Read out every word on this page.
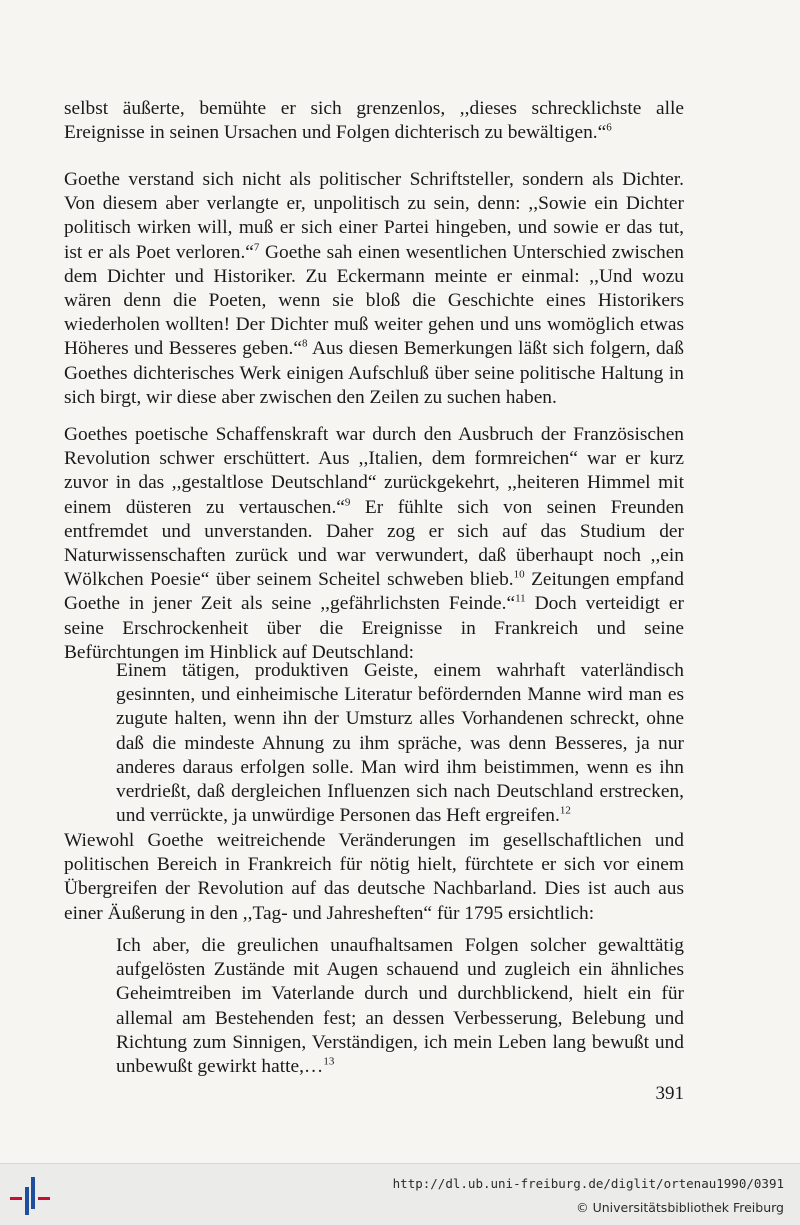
selbst äußerte, bemühte er sich grenzenlos, ,,dieses schrecklichste alle Ereignisse in seinen Ursachen und Folgen dichterisch zu bewältigen.“$^6$
Goethe verstand sich nicht als politischer Schriftsteller, sondern als Dichter. Von diesem aber verlangte er, unpolitisch zu sein, denn: ,,Sowie ein Dichter politisch wirken will, muß er sich einer Partei hingeben, und sowie er das tut, ist er als Poet verloren.“$^7$ Goethe sah einen wesentlichen Unterschied zwischen dem Dichter und Historiker. Zu Eckermann meinte er einmal: ,,Und wozu wären denn die Poeten, wenn sie bloß die Geschichte eines Historikers wiederholen wollten! Der Dichter muß weiter gehen und uns womöglich etwas Höheres und Besseres geben.“$^8$ Aus diesen Bemerkungen läßt sich folgern, daß Goethes dichterisches Werk einigen Aufschluß über seine politische Haltung in sich birgt, wir diese aber zwischen den Zeilen zu suchen haben.
Goethes poetische Schaffenskraft war durch den Ausbruch der Französischen Revolution schwer erschüttert. Aus ,,Italien, dem formreichen“ war er kurz zuvor in das ,,gestaltlose Deutschland“ zurückgekehrt, ,,heiteren Himmel mit einem düsteren zu vertauschen.“$^9$ Er fühlte sich von seinen Freunden entfremdet und unverstanden. Daher zog er sich auf das Studium der Naturwissenschaften zurück und war verwundert, daß überhaupt noch ,,ein Wölkchen Poesie“ über seinem Scheitel schweben blieb.$^{10}$ Zeitungen empfand Goethe in jener Zeit als seine ,,gefährlichsten Feinde.“$^{11}$ Doch verteidigt er seine Erschrockenheit über die Ereignisse in Frankreich und seine Befürchtungen im Hinblick auf Deutschland:
Einem tätigen, produktiven Geiste, einem wahrhaft vaterländisch gesinnten, und einheimische Literatur befördernden Manne wird man es zugute halten, wenn ihn der Umsturz alles Vorhandenen schreckt, ohne daß die mindeste Ahnung zu ihm spräche, was denn Besseres, ja nur anderes daraus erfolgen solle. Man wird ihm beistimmen, wenn es ihn verdrießt, daß dergleichen Influenzen sich nach Deutschland erstrecken, und verrückte, ja unwürdige Personen das Heft ergreifen.$^{12}$
Wiewohl Goethe weitreichende Veränderungen im gesellschaftlichen und politischen Bereich in Frankreich für nötig hielt, fürchtete er sich vor einem Übergreifen der Revolution auf das deutsche Nachbarland. Dies ist auch aus einer Äußerung in den ,,Tag- und Jahresheften“ für 1795 ersichtlich:
Ich aber, die greulichen unaufhaltsamen Folgen solcher gewalttätig aufgelösten Zustände mit Augen schauend und zugleich ein ähnliches Geheimtreiben im Vaterlande durch und durchblickend, hielt ein für allemal am Bestehenden fest; an dessen Verbesserung, Belebung und Richtung zum Sinnigen, Verständigen, ich mein Leben lang bewußt und unbewußt gewirkt hatte,…$^{13}$
391
http://dl.ub.uni-freiburg.de/diglit/ortenau1990/0391
© Universitätsbibliothek Freiburg
